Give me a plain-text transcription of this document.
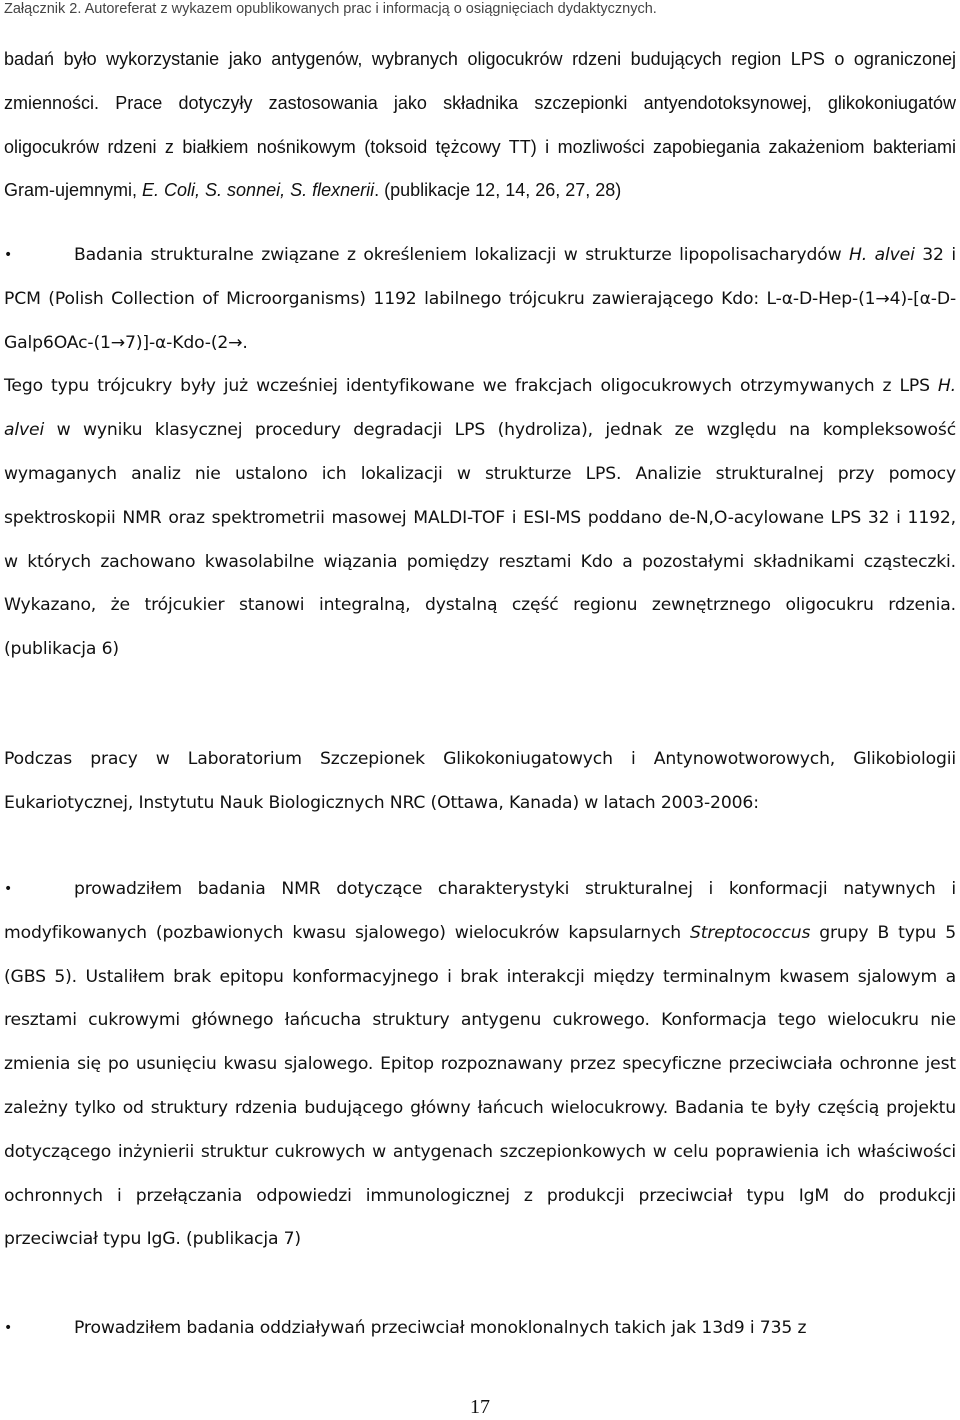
Załącznik 2. Autoreferat z wykazem opublikowanych prac i informacją o osiągnięciach dydaktycznych.
badań było wykorzystanie jako antygenów, wybranych oligocukrów rdzeni budujących region LPS o ograniczonej zmienności. Prace dotyczyły zastosowania jako składnika szczepionki antyendotoksynowej, glikokoniugatów oligocukrów rdzeni z białkiem nośnikowym (toksoid tężcowy TT) i mozliwości zapobiegania zakażeniom bakteriami Gram-ujemnymi, E. Coli, S. sonnei, S. flexnerii. (publikacje 12, 14, 26, 27, 28)
•	Badania strukturalne związane z określeniem lokalizacji w strukturze lipopolisacharydów H. alvei 32 i PCM (Polish Collection of Microorganisms) 1192 labilnego trójcukru zawierającego Kdo: L-α-D-Hep-(1→4)-[α-D-Galp6OAc-(1→7)]-α-Kdo-(2→.
Tego typu trójcukry były już wcześniej identyfikowane we frakcjach oligocukrowych otrzymywanych z LPS H. alvei w wyniku klasycznej procedury degradacji LPS (hydroliza), jednak ze względu na kompleksowość wymaganych analiz nie ustalono ich lokalizacji w strukturze LPS. Analizie strukturalnej przy pomocy spektroskopii NMR oraz spektrometrii masowej MALDI-TOF i ESI-MS poddano de-N,O-acylowane LPS 32 i 1192, w których zachowano kwasolabilne wiązania pomiędzy resztami Kdo a pozostałymi składnikami cząsteczki. Wykazano, że trójcukier stanowi integralną, dystalną część regionu zewnętrznego oligocukru rdzenia. (publikacja 6)
Podczas pracy w Laboratorium Szczepionek Glikokoniugatowych i Antynowotworowych, Glikobiologii Eukariotycznej, Instytutu Nauk Biologicznych NRC (Ottawa, Kanada) w latach 2003-2006:
•	prowadziłem badania NMR dotyczące charakterystyki strukturalnej i konformacji natywnych i modyfikowanych (pozbawionych kwasu sjalowego) wielocukrów kapsularnych Streptococcus grupy B typu 5 (GBS 5). Ustaliłem brak epitopu konformacyjnego i brak interakcji między terminalnym kwasem sjalowym a resztami cukrowymi głównego łańcucha struktury antygenu cukrowego. Konformacja tego wielocukru nie zmienia się po usunięciu kwasu sjalowego. Epitop rozpoznawany przez specyficzne przeciwciała ochronne jest zależny tylko od struktury rdzenia budującego główny łańcuch wielocukrowy. Badania te były częścią projektu dotyczącego inżynierii struktur cukrowych w antygenach szczepionkowych w celu poprawienia ich właściwości ochronnych i przełączania odpowiedzi immunologicznej z produkcji przeciwciał typu IgM do produkcji przeciwciał typu IgG. (publikacja 7)
•	Prowadziłem badania oddziaływań przeciwciał monoklonalnych takich jak 13d9 i 735 z
17
